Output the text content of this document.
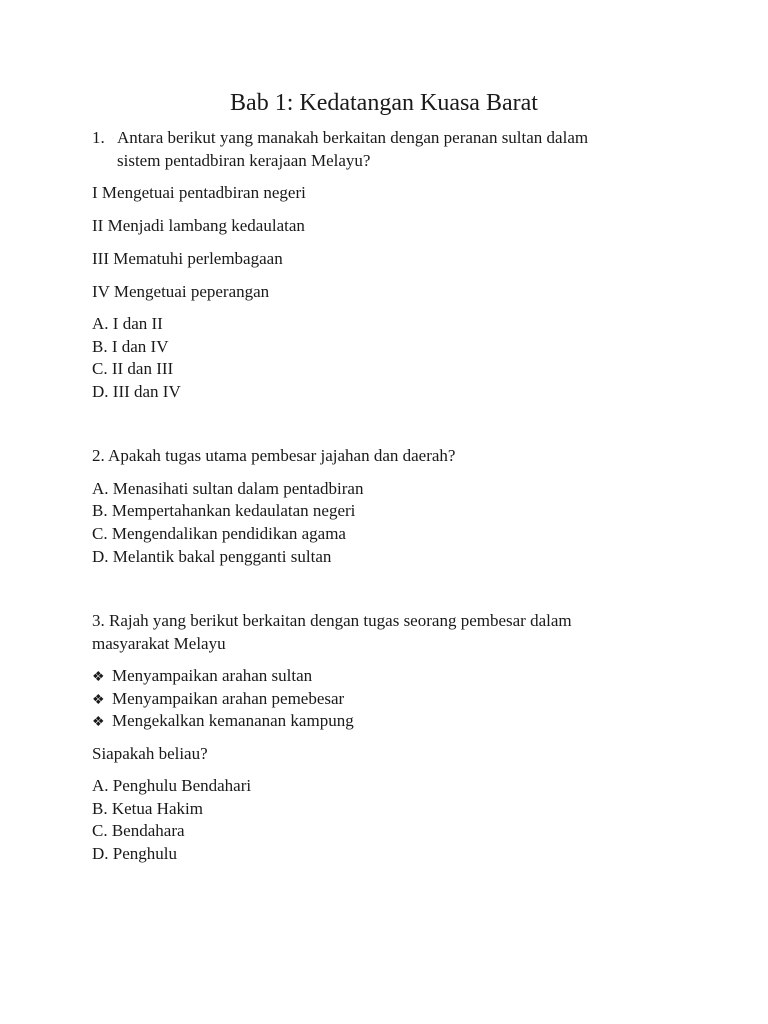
Bab 1: Kedatangan Kuasa Barat
1. Antara berikut yang manakah berkaitan dengan peranan sultan dalam
sistem pentadbiran kerajaan Melayu?
I Mengetuai pentadbiran negeri
II Menjadi lambang kedaulatan
III Mematuhi perlembagaan
IV Mengetuai peperangan
A. I dan II
B. I dan IV
C. II dan III
D. III dan IV
2. Apakah tugas utama pembesar jajahan dan daerah?
A. Menasihati sultan dalam pentadbiran
B. Mempertahankan kedaulatan negeri
C. Mengendalikan pendidikan agama
D. Melantik bakal pengganti sultan
3. Rajah yang berikut berkaitan dengan tugas seorang pembesar dalam
masyarakat Melayu
❖ Menyampaikan arahan sultan
❖ Menyampaikan arahan pemebesar
❖ Mengekalkan kemananan kampung
Siapakah beliau?
A. Penghulu Bendahari
B. Ketua Hakim
C. Bendahara
D. Penghulu
